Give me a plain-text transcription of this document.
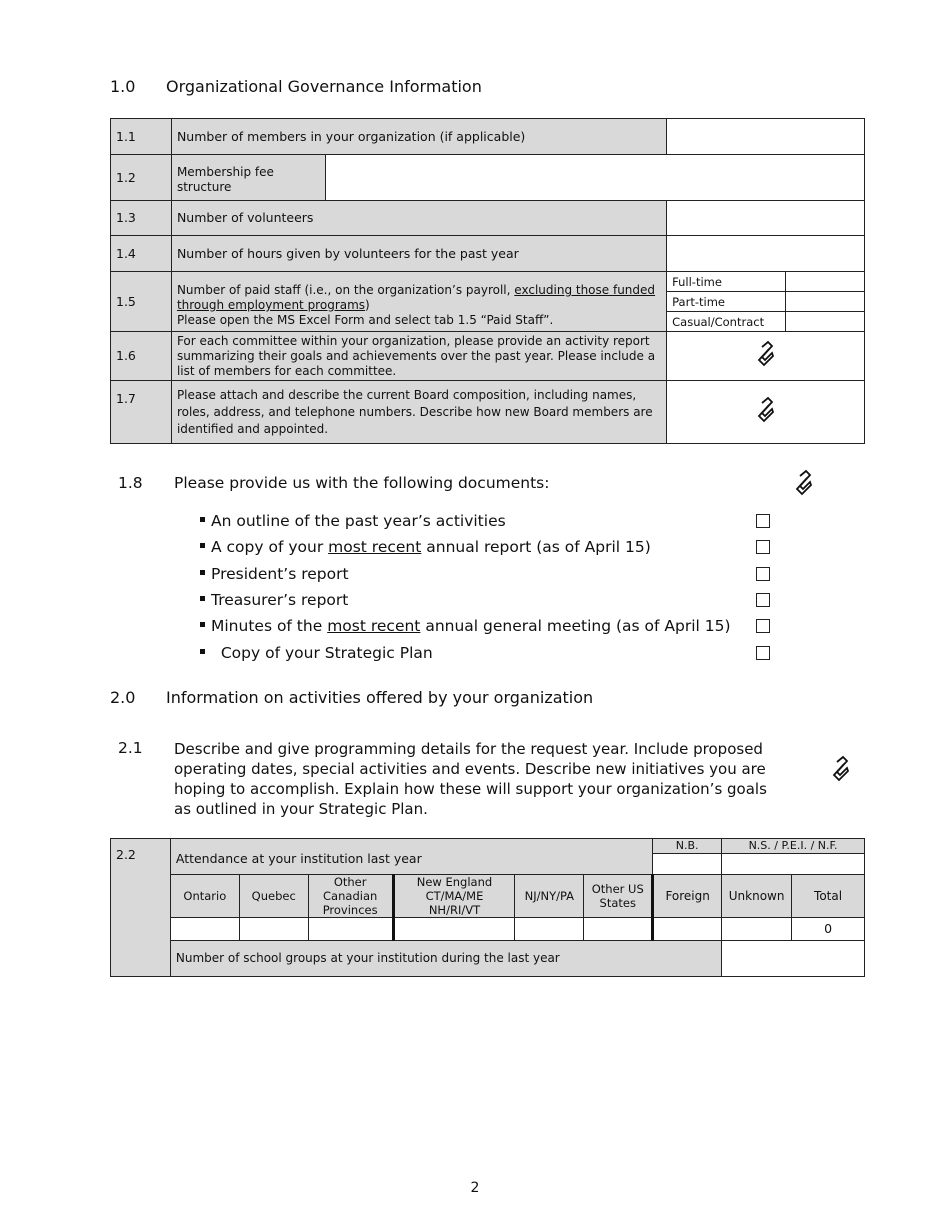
1.0 Organizational Governance Information
1.1	Number of members in your organization (if applicable)			
1.2	Membership fee structure			
1.3	Number of volunteers			
1.4	Number of hours given by volunteers for the past year			
1.5	Number of paid staff (i.e., on the organization’s payroll, excluding those funded through employment programs)
Please open the MS Excel Form and select tab 1.5 “Paid Staff”.		Full-time	
			Part-time	
			Casual/Contract	
1.6	For each committee within your organization, please provide an activity report summarizing their goals and achievements over the past year. Please include a list of members for each committee.	
1.7	Please attach and describe the current Board composition, including names, roles, address, and telephone numbers. Describe how new Board members are identified and appointed.	
1.8 Please provide us with the following documents:
An outline of the past year’s activities
A copy of your most recent annual report (as of April 15)
President’s report
Treasurer’s report
Minutes of the most recent annual general meeting (as of April 15)
Copy of your Strategic Plan
2.0 Information on activities offered by your organization
2.1 Describe and give programming details for the request year. Include proposed operating dates, special activities and events. Describe new initiatives you are hoping to accomplish. Explain how these will support your organization’s goals as outlined in your Strategic Plan.
2.2	Attendance at your institution last year						N.B.	N.S. / P.E.I. / N.F.	

	Ontario	Quebec	Other Canadian Provinces	New England CT/MA/ME NH/RI/VT	NJ/NY/PA	Other US States	Foreign	Unknown	Total
									0
	Number of school groups at your institution during the last year								
2
